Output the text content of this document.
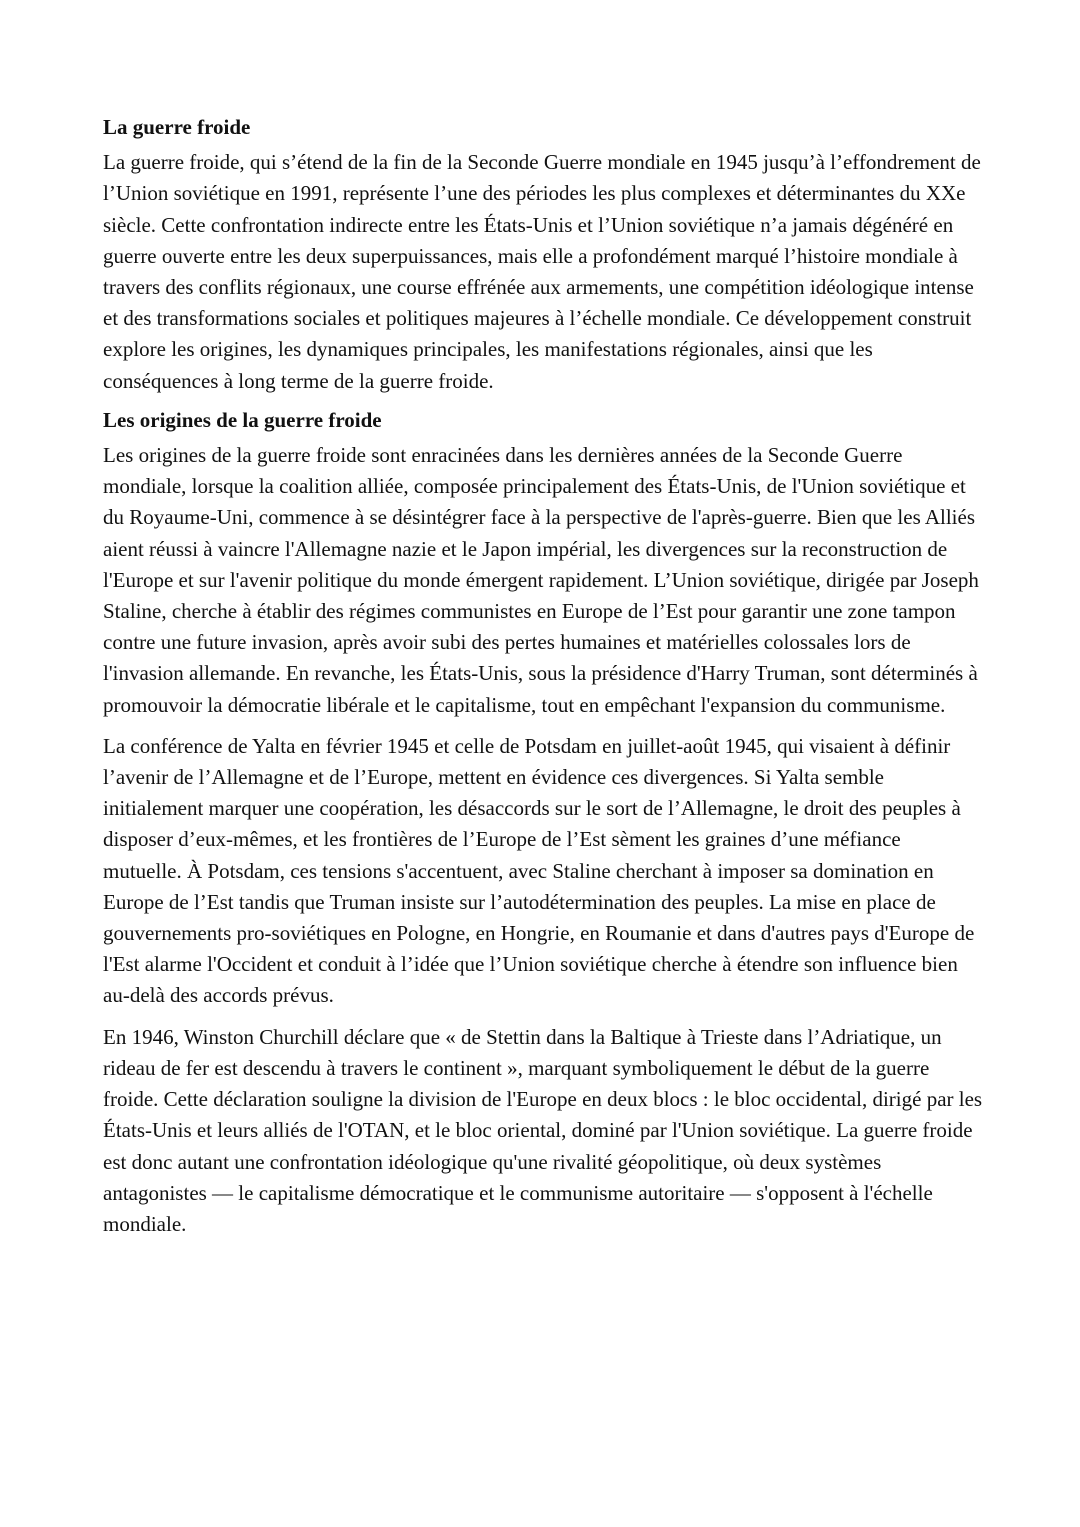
La guerre froide

La guerre froide, qui s’étend de la fin de la Seconde Guerre mondiale en 1945 jusqu’à l’effondrement de l’Union soviétique en 1991, représente l’une des périodes les plus complexes et déterminantes du XXe siècle. Cette confrontation indirecte entre les États-Unis et l’Union soviétique n’a jamais dégénéré en guerre ouverte entre les deux superpuissances, mais elle a profondément marqué l’histoire mondiale à travers des conflits régionaux, une course effrénée aux armements, une compétition idéologique intense et des transformations sociales et politiques majeures à l’échelle mondiale. Ce développement construit explore les origines, les dynamiques principales, les manifestations régionales, ainsi que les conséquences à long terme de la guerre froide.

Les origines de la guerre froide

Les origines de la guerre froide sont enracinées dans les dernières années de la Seconde Guerre mondiale, lorsque la coalition alliée, composée principalement des États-Unis, de l'Union soviétique et du Royaume-Uni, commence à se désintégrer face à la perspective de l'après-guerre. Bien que les Alliés aient réussi à vaincre l'Allemagne nazie et le Japon impérial, les divergences sur la reconstruction de l'Europe et sur l'avenir politique du monde émergent rapidement. L’Union soviétique, dirigée par Joseph Staline, cherche à établir des régimes communistes en Europe de l’Est pour garantir une zone tampon contre une future invasion, après avoir subi des pertes humaines et matérielles colossales lors de l'invasion allemande. En revanche, les États-Unis, sous la présidence d'Harry Truman, sont déterminés à promouvoir la démocratie libérale et le capitalisme, tout en empêchant l'expansion du communisme.

La conférence de Yalta en février 1945 et celle de Potsdam en juillet-août 1945, qui visaient à définir l’avenir de l’Allemagne et de l’Europe, mettent en évidence ces divergences. Si Yalta semble initialement marquer une coopération, les désaccords sur le sort de l’Allemagne, le droit des peuples à disposer d’eux-mêmes, et les frontières de l’Europe de l’Est sèment les graines d’une méfiance mutuelle. À Potsdam, ces tensions s'accentuent, avec Staline cherchant à imposer sa domination en Europe de l’Est tandis que Truman insiste sur l’autodétermination des peuples. La mise en place de gouvernements pro-soviétiques en Pologne, en Hongrie, en Roumanie et dans d'autres pays d'Europe de l'Est alarme l'Occident et conduit à l’idée que l’Union soviétique cherche à étendre son influence bien au-delà des accords prévus.

En 1946, Winston Churchill déclare que « de Stettin dans la Baltique à Trieste dans l’Adriatique, un rideau de fer est descendu à travers le continent », marquant symboliquement le début de la guerre froide. Cette déclaration souligne la division de l'Europe en deux blocs : le bloc occidental, dirigé par les États-Unis et leurs alliés de l'OTAN, et le bloc oriental, dominé par l'Union soviétique. La guerre froide est donc autant une confrontation idéologique qu'une rivalité géopolitique, où deux systèmes antagonistes — le capitalisme démocratique et le communisme autoritaire — s'opposent à l'échelle mondiale.
